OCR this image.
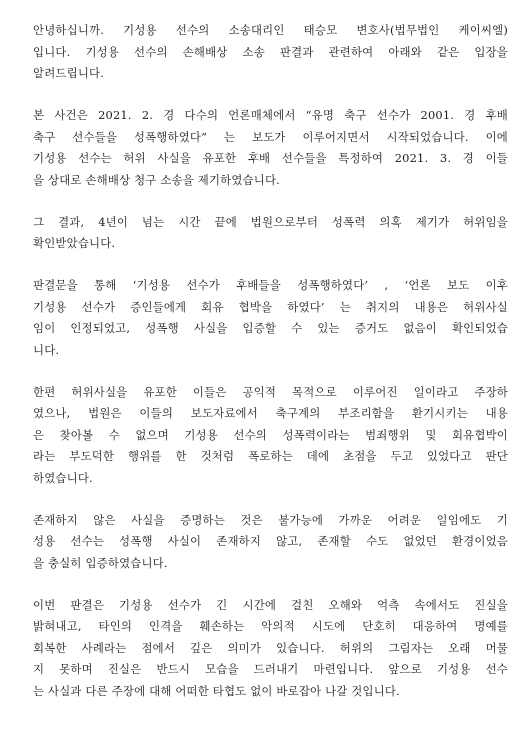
안녕하십니까. 기성용 선수의 소송대리인 태승모 변호사(법무법인 케이씨엘)
입니다. 기성용 선수의 손해배상 소송 판결과 관련하여 아래와 같은 입장을
알려드립니다.
본 사건은 2021. 2. 경 다수의 언론매체에서 “유명 축구 선수가 2001. 경 후배
축구 선수들을 성폭행하였다” 는 보도가 이루어지면서 시작되었습니다. 이에
기성용 선수는 허위 사실을 유포한 후배 선수들을 특정하여 2021. 3. 경 이들
을 상대로 손해배상 청구 소송을 제기하였습니다.
그 결과, 4년이 넘는 시간 끝에 법원으로부터 성폭력 의혹 제기가 허위임을
확인받았습니다.
판결문을 통해 ‘기성용 선수가 후배들을 성폭행하였다’ , ‘언론 보도 이후
기성용 선수가 증인들에게 회유 협박을 하였다’ 는 취지의 내용은 허위사실
임이 인정되었고, 성폭행 사실을 입증할 수 있는 증거도 없음이 확인되었습
니다.
한편 허위사실을 유포한 이들은 공익적 목적으로 이루어진 일이라고 주장하
였으나, 법원은 이들의 보도자료에서 축구계의 부조리함을 환기시키는 내용
은 찾아볼 수 없으며 기성용 선수의 성폭력이라는 범죄행위 및 회유협박이
라는 부도덕한 행위를 한 것처럼 폭로하는 데에 초점을 두고 있었다고 판단
하였습니다.
존재하지 않은 사실을 증명하는 것은 불가능에 가까운 어려운 일임에도 기
성용 선수는 성폭행 사실이 존재하지 않고, 존재할 수도 없었던 환경이었음
을 충실히 입증하였습니다.
이번 판결은 기성용 선수가 긴 시간에 걸친 오해와 억측 속에서도 진실을
밝혀내고, 타인의 인격을 훼손하는 악의적 시도에 단호히 대응하여 명예를
회복한 사례라는 점에서 깊은 의미가 있습니다. 허위의 그림자는 오래 머물
지 못하며 진실은 반드시 모습을 드러내기 마련입니다. 앞으로 기성용 선수
는 사실과 다른 주장에 대해 어떠한 타협도 없이 바로잡아 나갈 것입니다.
